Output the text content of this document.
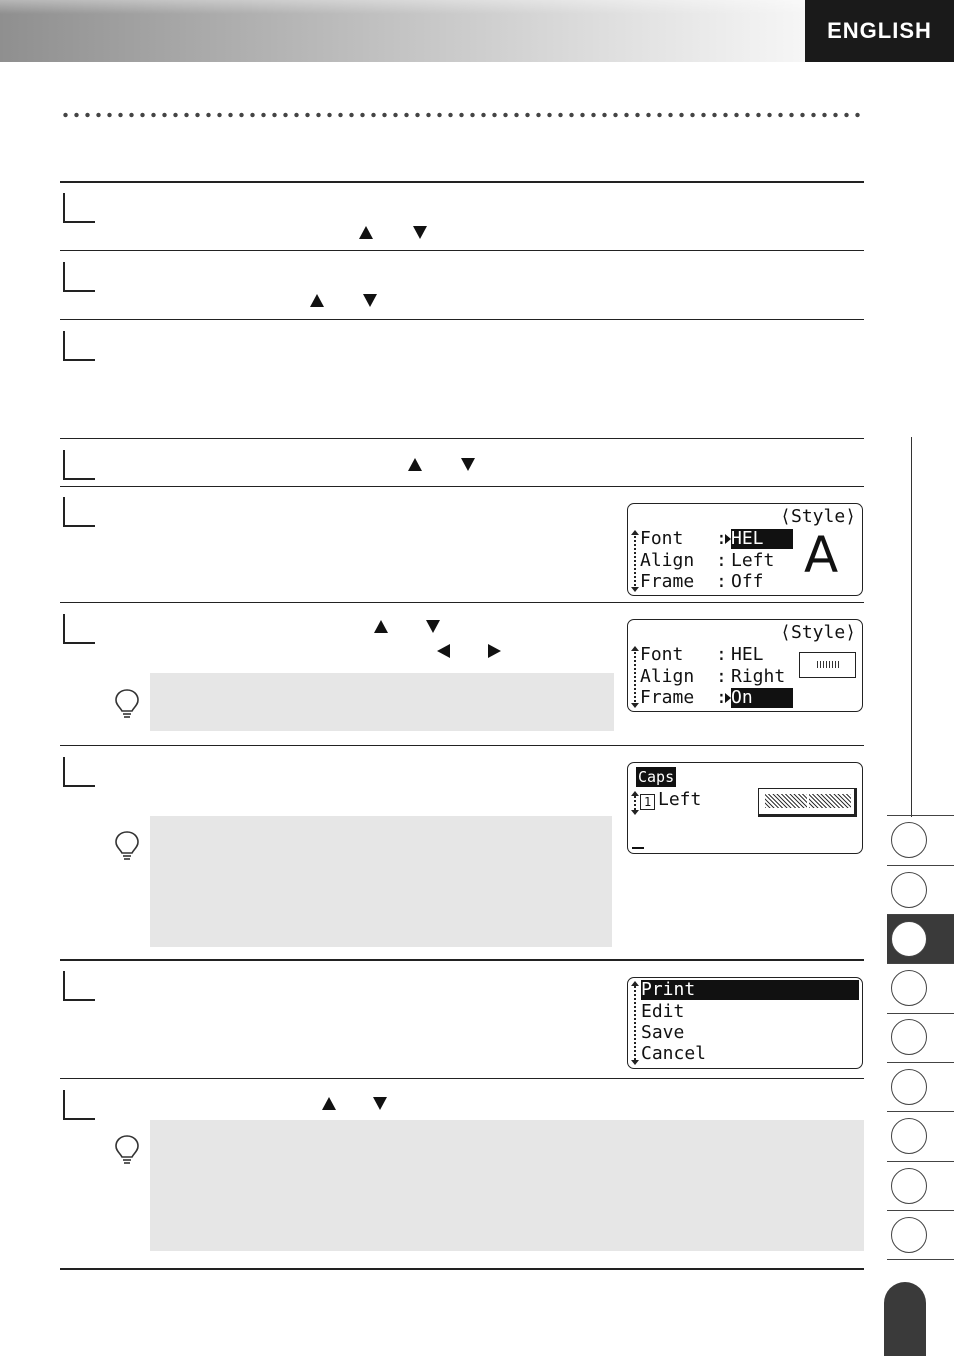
ENGLISH
⟨Style⟩
Font
Align
Frame
:
:
:
HEL
Left
Off A
⟨Style⟩
Font
Align
Frame
:
:
:
HEL
Right
On
Caps
1 Left
Print
Edit
Save
Cancel
